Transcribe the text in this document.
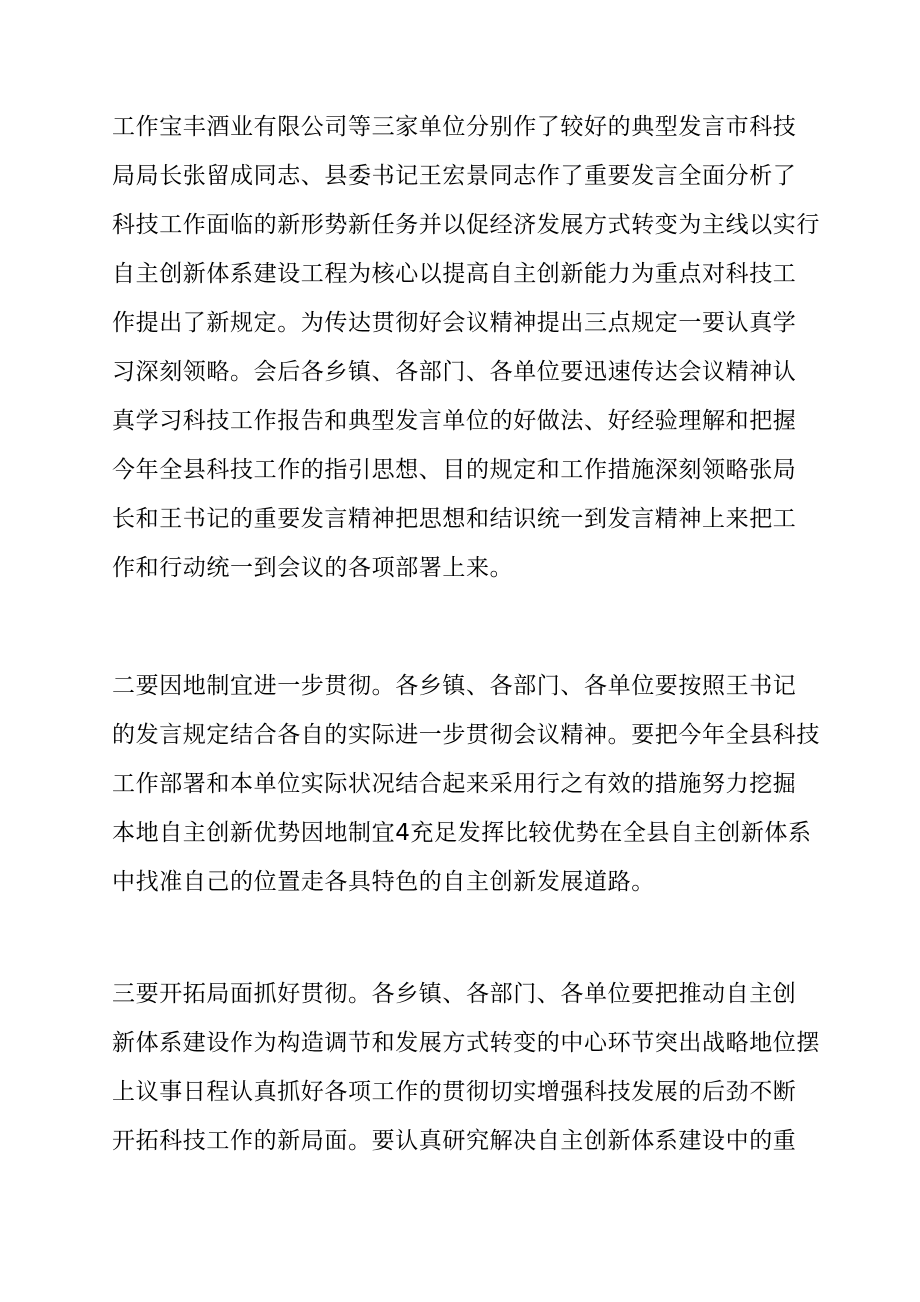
工作宝丰酒业有限公司等三家单位分别作了较好的典型发言市科技
局局长张留成同志、县委书记王宏景同志作了重要发言全面分析了
科技工作面临的新形势新任务并以促经济发展方式转变为主线以实行
自主创新体系建设工程为核心以提高自主创新能力为重点对科技工
作提出了新规定。为传达贯彻好会议精神提出三点规定一要认真学
习深刻领略。会后各乡镇、各部门、各单位要迅速传达会议精神认
真学习科技工作报告和典型发言单位的好做法、好经验理解和把握
今年全县科技工作的指引思想、目的规定和工作措施深刻领略张局
长和王书记的重要发言精神把思想和结识统一到发言精神上来把工
作和行动统一到会议的各项部署上来。
二要因地制宜进一步贯彻。各乡镇、各部门、各单位要按照王书记
的发言规定结合各自的实际进一步贯彻会议精神。要把今年全县科技
工作部署和本单位实际状况结合起来采用行之有效的措施努力挖掘
本地自主创新优势因地制宜4充足发挥比较优势在全县自主创新体系
中找准自己的位置走各具特色的自主创新发展道路。
三要开拓局面抓好贯彻。各乡镇、各部门、各单位要把推动自主创
新体系建设作为构造调节和发展方式转变的中心环节突出战略地位摆
上议事日程认真抓好各项工作的贯彻切实增强科技发展的后劲不断
开拓科技工作的新局面。要认真研究解决自主创新体系建设中的重
